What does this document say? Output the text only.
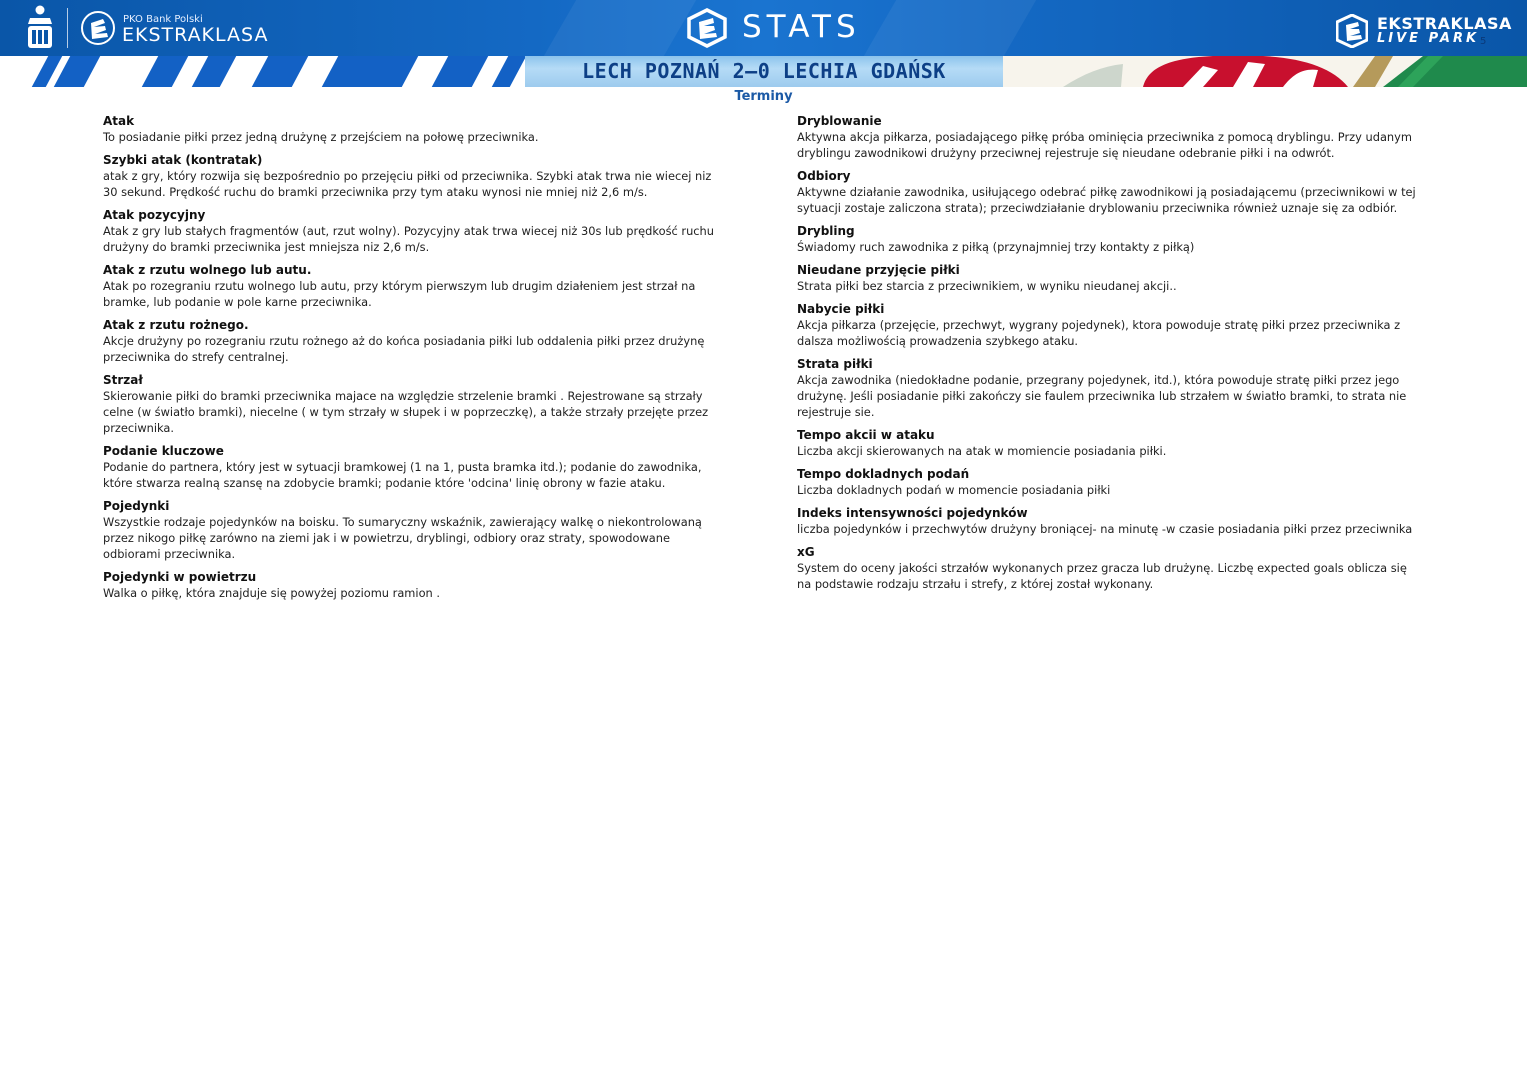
PKO Bank Polski
EKSTRAKLASA	STATS	EKSTRAKLASA
LIVE PARK 5
LECH POZNAŃ 2–0 LECHIA GDAŃSK
Terminy
Atak
To posiadanie piłki przez jedną drużynę z przejściem na połowę przeciwnika.
Szybki atak (kontratak)
atak z gry, który rozwija się bezpośrednio po przejęciu piłki od przeciwnika. Szybki atak trwa nie wiecej niz 30 sekund. Prędkość ruchu do bramki przeciwnika przy tym ataku wynosi nie mniej niż 2,6 m/s.
Atak pozycyjny
Atak z gry lub stałych fragmentów (aut, rzut wolny). Pozycyjny atak trwa wiecej niż 30s lub prędkość ruchu drużyny do bramki przeciwnika jest mniejsza niz 2,6 m/s.
Atak z rzutu wolnego lub autu.
Atak po rozegraniu rzutu wolnego lub autu, przy którym pierwszym lub drugim działeniem jest strzał na bramke, lub podanie w pole karne przeciwnika.
Atak z rzutu rożnego.
Akcje drużyny po rozegraniu rzutu rożnego aż do końca posiadania piłki lub oddalenia piłki przez drużynę przeciwnika do strefy centralnej.
Strzał
Skierowanie piłki do bramki przeciwnika majace na względzie strzelenie bramki . Rejestrowane są strzały celne (w światło bramki), niecelne ( w tym strzały w słupek i w poprzeczkę), a także strzały przejęte przez przeciwnika.
Podanie kluczowe
Podanie do partnera, który jest w sytuacji bramkowej (1 na 1, pusta bramka itd.); podanie do zawodnika, które stwarza realną szansę na zdobycie bramki; podanie które 'odcina' linię obrony w fazie ataku.
Pojedynki
Wszystkie rodzaje pojedynków na boisku. To sumaryczny wskaźnik, zawierający walkę o niekontrolowaną przez nikogo piłkę zarówno na ziemi jak i w powietrzu, dryblingi, odbiory oraz straty, spowodowane odbiorami przeciwnika.
Pojedynki w powietrzu
Walka o piłkę, która znajduje się powyżej poziomu ramion .
Dryblowanie
Aktywna akcja piłkarza, posiadającego piłkę próba ominięcia przeciwnika z pomocą dryblingu. Przy udanym dryblingu zawodnikowi drużyny przeciwnej rejestruje się nieudane odebranie piłki i na odwrót.
Odbiory
Aktywne działanie zawodnika, usiłującego odebrać piłkę zawodnikowi ją posiadającemu (przeciwnikowi w tej sytuacji zostaje zaliczona strata); przeciwdziałanie dryblowaniu przeciwnika również uznaje się za odbiór.
Drybling
Świadomy ruch zawodnika z piłką (przynajmniej trzy kontakty z piłką)
Nieudane przyjęcie piłki
Strata piłki bez starcia z przeciwnikiem, w wyniku nieudanej akcji..
Nabycie piłki
Akcja piłkarza (przejęcie, przechwyt, wygrany pojedynek), ktora powoduje stratę piłki przez przeciwnika z dalsza możliwością prowadzenia szybkego ataku.
Strata piłki
Akcja zawodnika (niedokładne podanie, przegrany pojedynek, itd.), która powoduje stratę piłki przez jego drużynę. Jeśli posiadanie piłki zakończy sie faulem przeciwnika lub strzałem w światło bramki, to strata nie rejestruje sie.
Tempo akcii w ataku
Liczba akcji skierowanych na atak w momiencie posiadania piłki.
Tempo dokladnych podań
Liczba dokladnych podań w momencie posiadania piłki
Indeks intensywności pojedynków
liczba pojedynków i przechwytów drużyny broniącej- na minutę -w czasie posiadania piłki przez przeciwnika
xG
System do oceny jakości strzałów wykonanych przez gracza lub drużynę. Liczbę expected goals oblicza się na podstawie rodzaju strzału i strefy, z której został wykonany.
